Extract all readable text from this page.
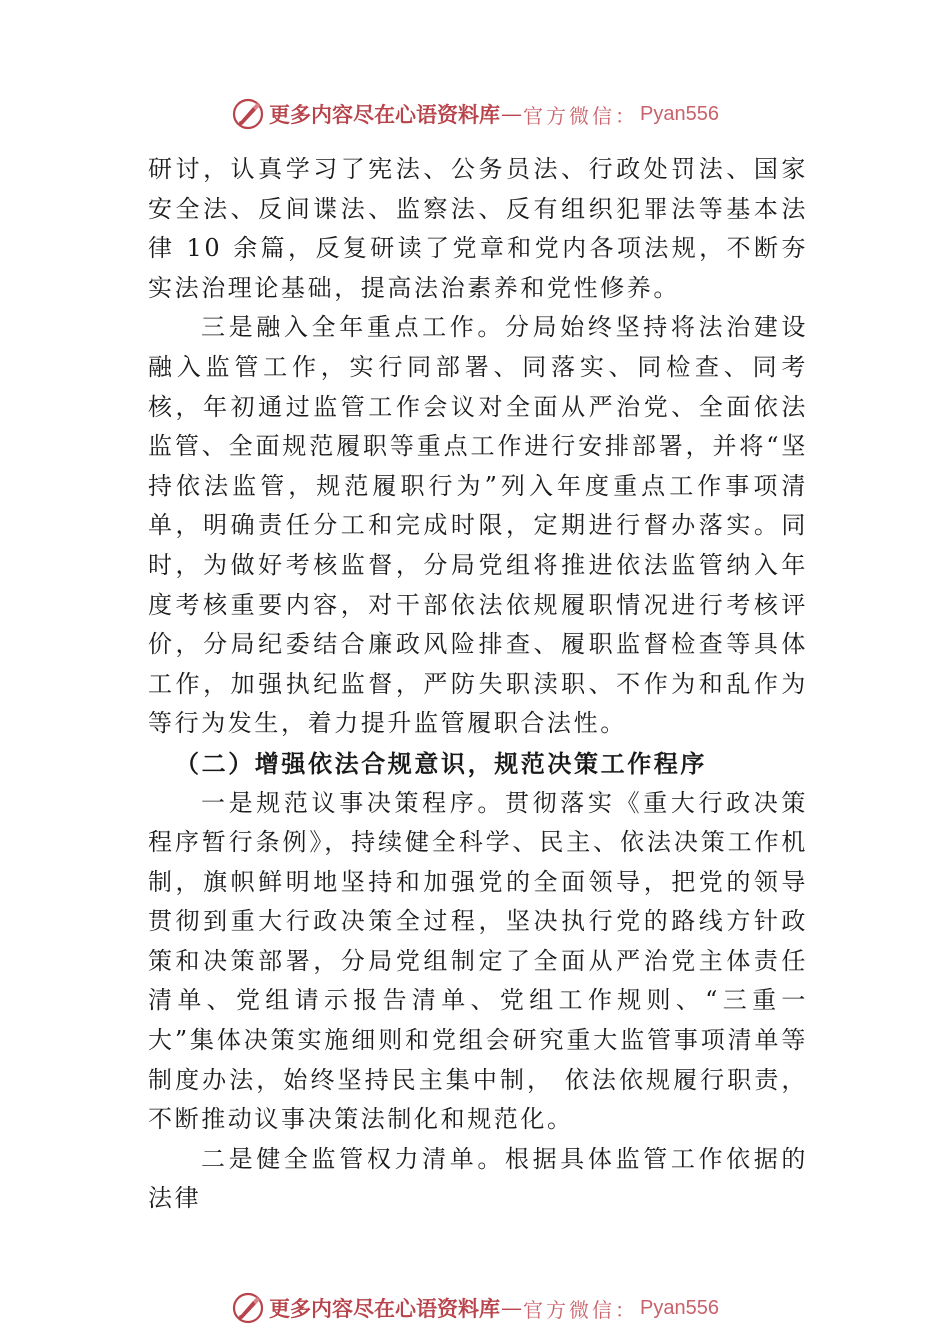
更多内容尽在心语资料库 — 官方微信： Pyan556

研讨，认真学习了宪法、公务员法、行政处罚法、国家安全法、反间谍法、监察法、反有组织犯罪法等基本法律 10 余篇，反复研读了党章和党内各项法规，不断夯实法治理论基础，提高法治素养和党性修养。

三是融入全年重点工作。分局始终坚持将法治建设融入监管工作，实行同部署、同落实、同检查、同考核，年初通过监管工作会议对全面从严治党、全面依法监管、全面规范履职等重点工作进行安排部署，并将“坚持依法监管，规范履职行为”列入年度重点工作事项清单，明确责任分工和完成时限，定期进行督办落实。同时，为做好考核监督，分局党组将推进依法监管纳入年度考核重要内容，对干部依法依规履职情况进行考核评价，分局纪委结合廉政风险排查、履职监督检查等具体工作，加强执纪监督，严防失职渎职、不作为和乱作为等行为发生，着力提升监管履职合法性。

（二）增强依法合规意识，规范决策工作程序

一是规范议事决策程序。贯彻落实《重大行政决策程序暂行条例》，持续健全科学、民主、依法决策工作机制，旗帜鲜明地坚持和加强党的全面领导，把党的领导贯彻到重大行政决策全过程，坚决执行党的路线方针政策和决策部署，分局党组制定了全面从严治党主体责任清单、党组请示报告清单、党组工作规则、“三重一大”集体决策实施细则和党组会研究重大监管事项清单等制度办法，始终坚持民主集中制， 依法依规履行职责，不断推动议事决策法制化和规范化。

二是健全监管权力清单。根据具体监管工作依据的法律

更多内容尽在心语资料库 — 官方微信： Pyan556
